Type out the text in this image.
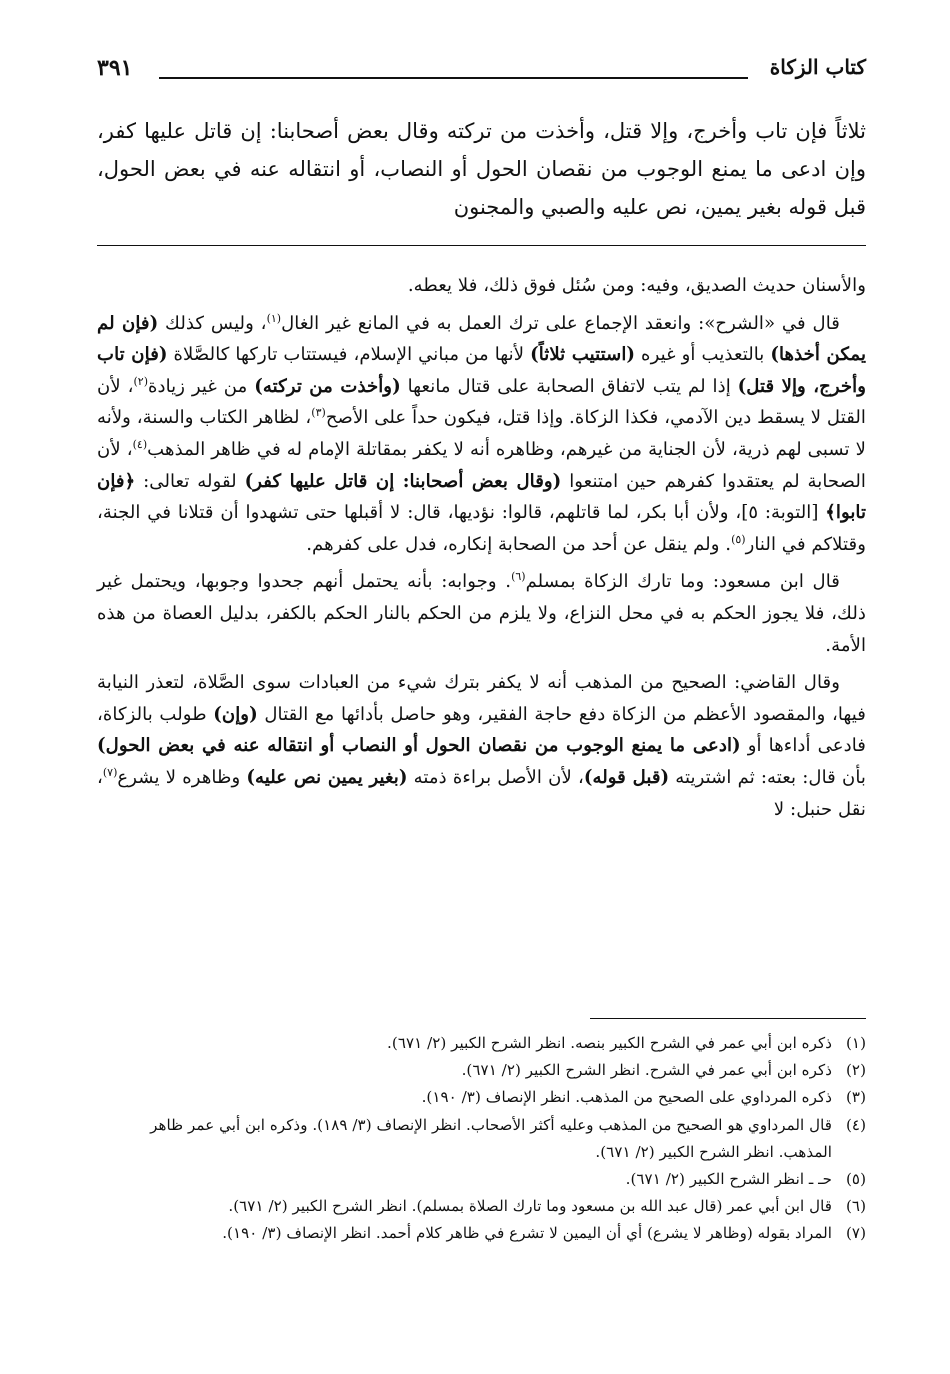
كتاب الزكاة
٣٩١
ثلاثاً فإن تاب وأخرج، وإلا قتل، وأخذت من تركته وقال بعض أصحابنا: إن قاتل عليها كفر، وإن ادعى ما يمنع الوجوب من نقصان الحول أو النصاب، أو انتقاله عنه في بعض الحول، قبل قوله بغير يمين، نص عليه والصبي والمجنون

والأسنان حديث الصديق، وفيه: ومن سُئل فوق ذلك، فلا يعطه.

قال في «الشرح»: وانعقد الإجماع على ترك العمل به في المانع غير الغال$^{(١)}$، وليس كذلك (فإن لم يمكن أخذها) بالتعذيب أو غيره (استتيب ثلاثاً) لأنها من مباني الإسلام، فيستتاب تاركها كالصَّلاة (فإن تاب وأخرج، وإلا قتل) إذا لم يتب لاتفاق الصحابة على قتال مانعها (وأخذت من تركته) من غير زيادة$^{(٢)}$، لأن القتل لا يسقط دين الآدمي، فكذا الزكاة. وإذا قتل، فيكون حداً على الأصح$^{(٣)}$، لظاهر الكتاب والسنة، ولأنه لا تسبى لهم ذرية، لأن الجناية من غيرهم، وظاهره أنه لا يكفر بمقاتلة الإمام له في ظاهر المذهب$^{(٤)}$، لأن الصحابة لم يعتقدوا كفرهم حين امتنعوا (وقال بعض أصحابنا: إن قاتل عليها كفر) لقوله تعالى: ﴿فإن تابوا﴾ [التوبة: ٥]، ولأن أبا بكر، لما قاتلهم، قالوا: نؤديها، قال: لا أقبلها حتى تشهدوا أن قتلانا في الجنة، وقتلاكم في النار$^{(٥)}$. ولم ينقل عن أحد من الصحابة إنكاره، فدل على كفرهم.

قال ابن مسعود: وما تارك الزكاة بمسلم$^{(٦)}$. وجوابه: بأنه يحتمل أنهم جحدوا وجوبها، ويحتمل غير ذلك، فلا يجوز الحكم به في محل النزاع، ولا يلزم من الحكم بالنار الحكم بالكفر، بدليل العصاة من هذه الأمة.

وقال القاضي: الصحيح من المذهب أنه لا يكفر بترك شيء من العبادات سوى الصَّلاة، لتعذر النيابة فيها، والمقصود الأعظم من الزكاة دفع حاجة الفقير، وهو حاصل بأدائها مع القتال (وإن) طولب بالزكاة، فادعى أداءها أو (ادعى ما يمنع الوجوب من نقصان الحول أو النصاب أو انتقاله عنه في بعض الحول) بأن قال: بعته: ثم اشتريته (قبل قوله)، لأن الأصل براءة ذمته (بغير يمين نص عليه) وظاهره لا يشرع$^{(٧)}$، نقل حنبل: لا

(١)
ذكره ابن أبي عمر في الشرح الكبير بنصه. انظر الشرح الكبير (٢/ ٦٧١).
(٢)
ذكره ابن أبي عمر في الشرح. انظر الشرح الكبير (٢/ ٦٧١).
(٣)
ذكره المرداوي على الصحيح من المذهب. انظر الإنصاف (٣/ ١٩٠).
(٤)
قال المرداوي هو الصحيح من المذهب وعليه أكثر الأصحاب. انظر الإنصاف (٣/ ١٨٩). وذكره ابن أبي عمر ظاهر المذهب. انظر الشرح الكبير (٢/ ٦٧١).
(٥)
حـ ـ انظر الشرح الكبير (٢/ ٦٧١).
(٦)
قال ابن أبي عمر (قال عبد الله بن مسعود وما تارك الصلاة بمسلم). انظر الشرح الكبير (٢/ ٦٧١).
(٧)
المراد بقوله (وظاهر لا يشرع) أي أن اليمين لا تشرع في ظاهر كلام أحمد. انظر الإنصاف (٣/ ١٩٠).
